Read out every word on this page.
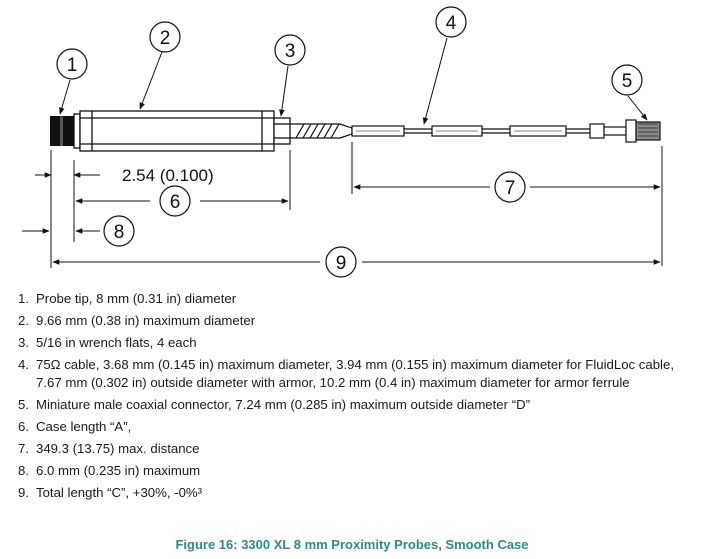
2.54 (0.100)
1
2
3
4
5
6
7
8
9
1. Probe tip, 8 mm (0.31 in) diameter
2. 9.66 mm (0.38 in) maximum diameter
3. 5/16 in wrench flats, 4 each
4. 75Ω cable, 3.68 mm (0.145 in) maximum diameter, 3.94 mm (0.155 in) maximum diameter for FluidLoc cable, 7.67 mm (0.302 in) outside diameter with armor, 10.2 mm (0.4 in) maximum diameter for armor ferrule
5. Miniature male coaxial connector, 7.24 mm (0.285 in) maximum outside diameter “D”
6. Case length “A”,
7. 349.3 (13.75) max. distance
8. 6.0 mm (0.235 in) maximum
9. Total length “C”, +30%, -0%³
Figure 16: 3300 XL 8 mm Proximity Probes, Smooth Case
